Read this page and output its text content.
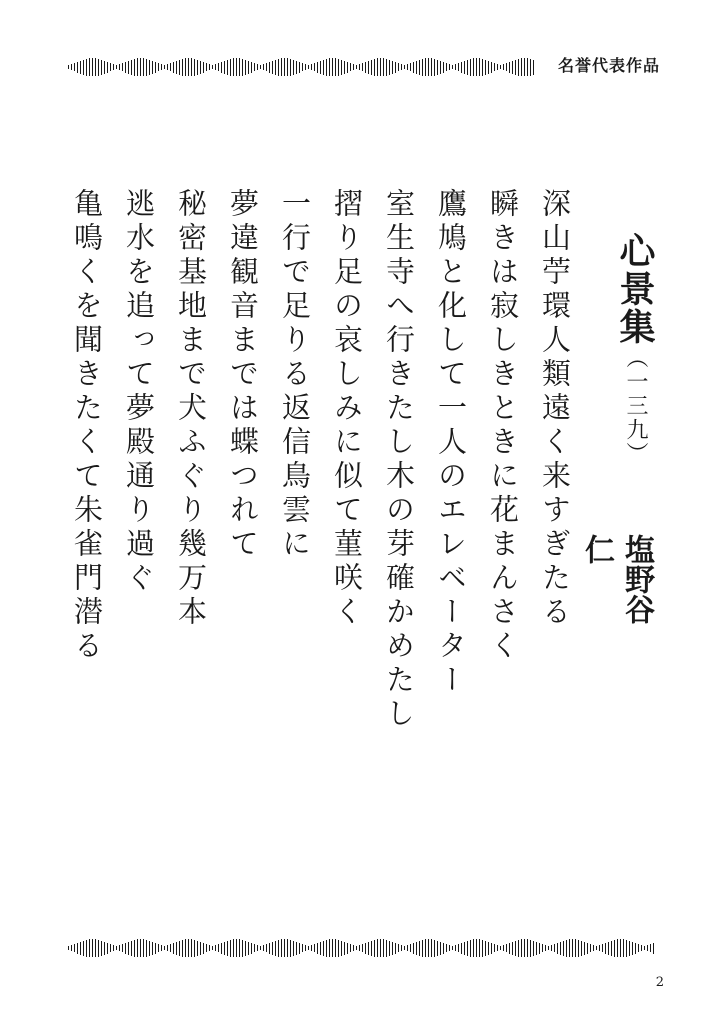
名誉代表作品
心景集（一三九）
塩野谷
仁

深山苧環人類遠く来すぎたる

瞬きは寂しきときに花まんさく

鷹鳩と化して一人のエレベーター

室生寺へ行きたし木の芽確かめたし

摺り足の哀しみに似て菫咲く

一行で足りる返信鳥雲に

夢違観音までは蝶つれて

秘密基地まで犬ふぐり幾万本

逃水を追って夢殿通り過ぐ

亀鳴くを聞きたくて朱雀門潜る

2
